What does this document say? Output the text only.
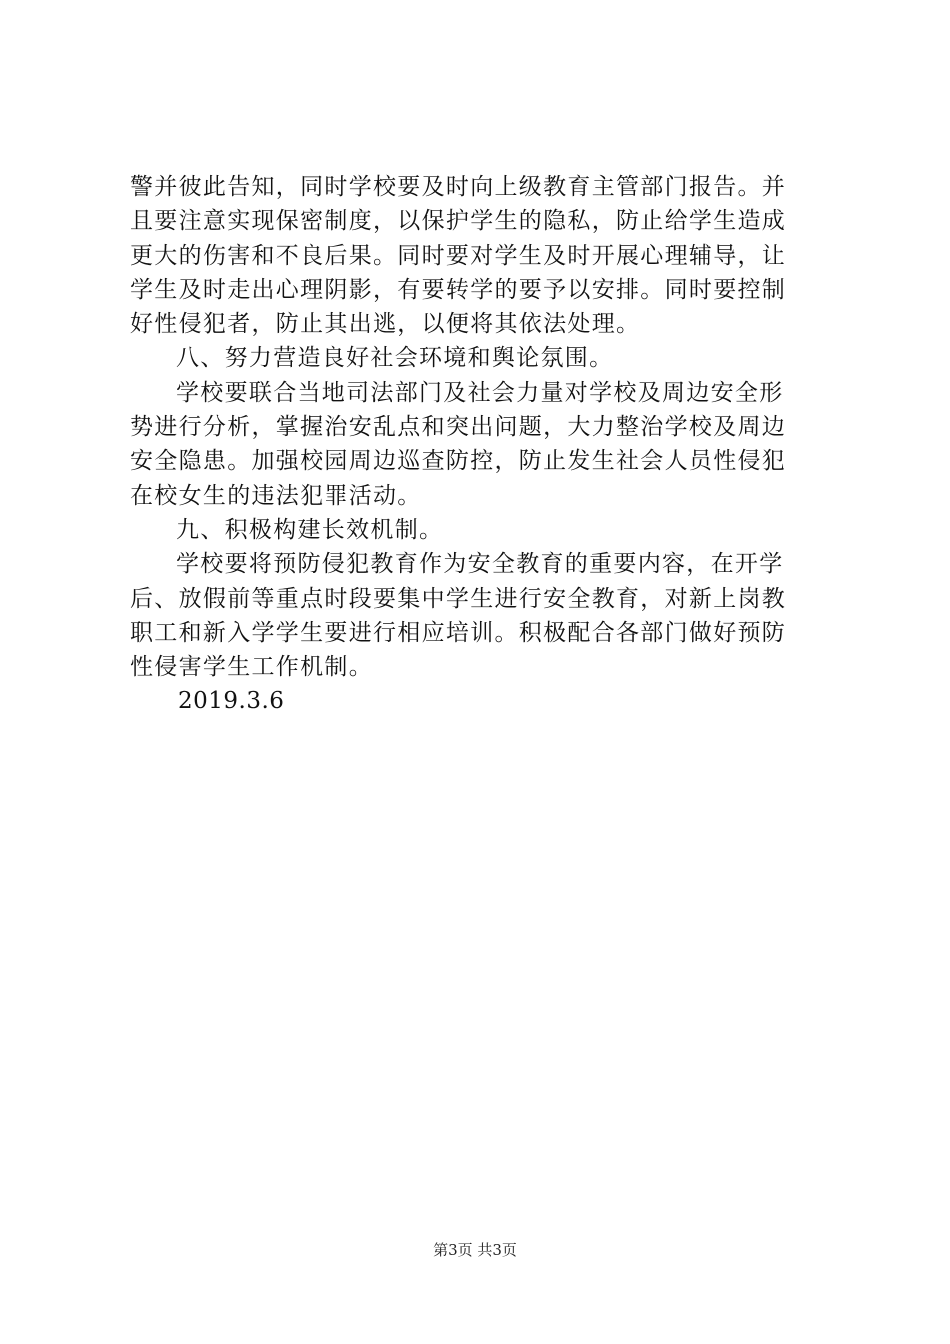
警并彼此告知，同时学校要及时向上级教育主管部门报告。并
且要注意实现保密制度，以保护学生的隐私，防止给学生造成
更大的伤害和不良后果。同时要对学生及时开展心理辅导，让
学生及时走出心理阴影，有要转学的要予以安排。同时要控制
好性侵犯者，防止其出逃，以便将其依法处理。
八、努力营造良好社会环境和舆论氛围。
学校要联合当地司法部门及社会力量对学校及周边安全形
势进行分析，掌握治安乱点和突出问题，大力整治学校及周边
安全隐患。加强校园周边巡查防控，防止发生社会人员性侵犯
在校女生的违法犯罪活动。
九、积极构建长效机制。
学校要将预防侵犯教育作为安全教育的重要内容，在开学
后、放假前等重点时段要集中学生进行安全教育，对新上岗教
职工和新入学学生要进行相应培训。积极配合各部门做好预防
性侵害学生工作机制。
2019.3.6
第3页 共3页
